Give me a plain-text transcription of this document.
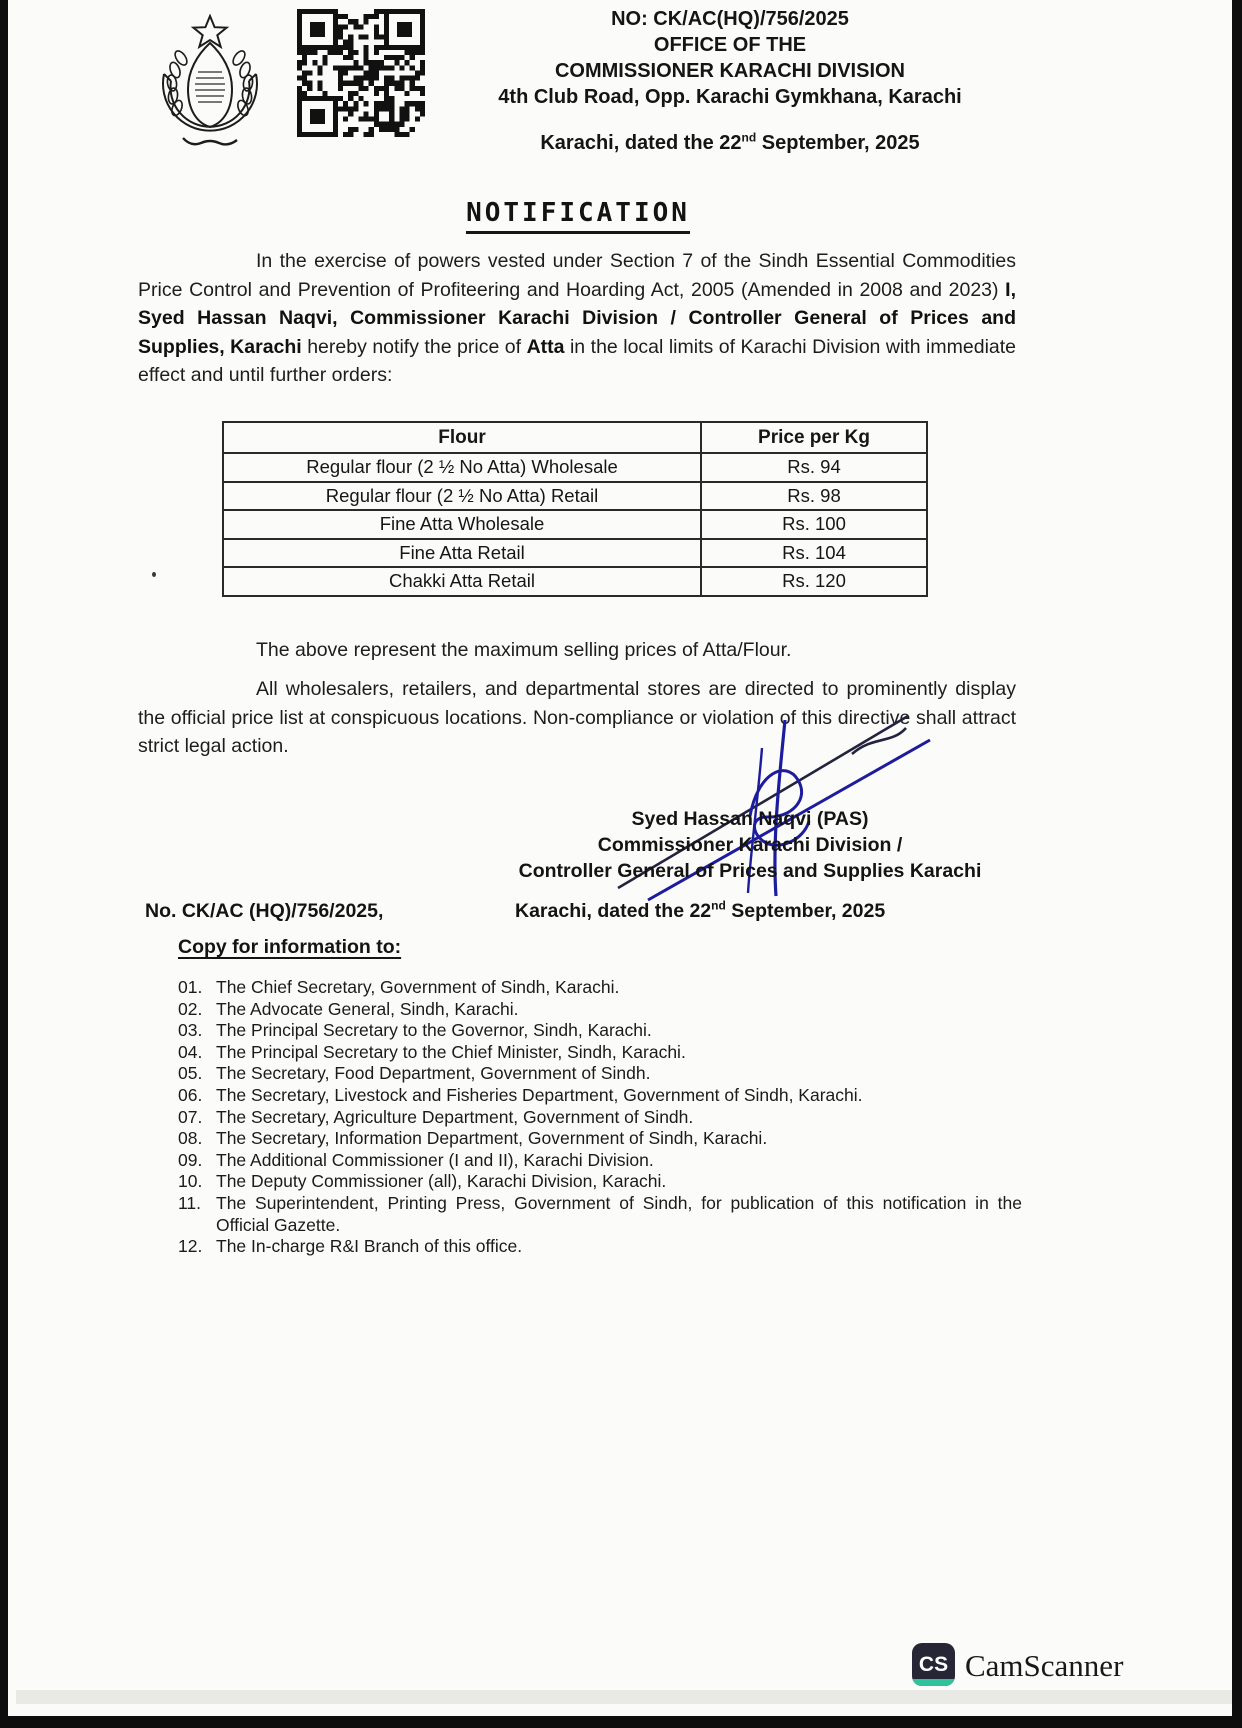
NO: CK/AC(HQ)/756/2025
OFFICE OF THE
COMMISSIONER KARACHI DIVISION
4th Club Road, Opp. Karachi Gymkhana, Karachi
Karachi, dated the 22nd September, 2025
NOTIFICATION
In the exercise of powers vested under Section 7 of the Sindh Essential Commodities Price Control and Prevention of Profiteering and Hoarding Act, 2005 (Amended in 2008 and 2023) I, Syed Hassan Naqvi, Commissioner Karachi Division / Controller General of Prices and Supplies, Karachi hereby notify the price of Atta in the local limits of Karachi Division with immediate effect and until further orders:
Flour	Price per Kg
Regular flour (2 ½ No Atta) Wholesale	Rs. 94
Regular flour (2 ½ No Atta) Retail	Rs. 98
Fine Atta Wholesale	Rs. 100
Fine Atta Retail	Rs. 104
Chakki Atta Retail	Rs. 120
The above represent the maximum selling prices of Atta/Flour.
All wholesalers, retailers, and departmental stores are directed to prominently display the official price list at conspicuous locations. Non-compliance or violation of this directive shall attract strict legal action.
Syed Hassan Naqvi (PAS)
Commissioner Karachi Division /
Controller General of Prices and Supplies Karachi
No. CK/AC (HQ)/756/2025,	Karachi, dated the 22nd September, 2025
Copy for information to:
01. The Chief Secretary, Government of Sindh, Karachi.
02. The Advocate General, Sindh, Karachi.
03. The Principal Secretary to the Governor, Sindh, Karachi.
04. The Principal Secretary to the Chief Minister, Sindh, Karachi.
05. The Secretary, Food Department, Government of Sindh.
06. The Secretary, Livestock and Fisheries Department, Government of Sindh, Karachi.
07. The Secretary, Agriculture Department, Government of Sindh.
08. The Secretary, Information Department, Government of Sindh, Karachi.
09. The Additional Commissioner (I and II), Karachi Division.
10. The Deputy Commissioner (all), Karachi Division, Karachi.
11. The Superintendent, Printing Press, Government of Sindh, for publication of this notification in the Official Gazette.
12. The In-charge R&I Branch of this office.
CS CamScanner
